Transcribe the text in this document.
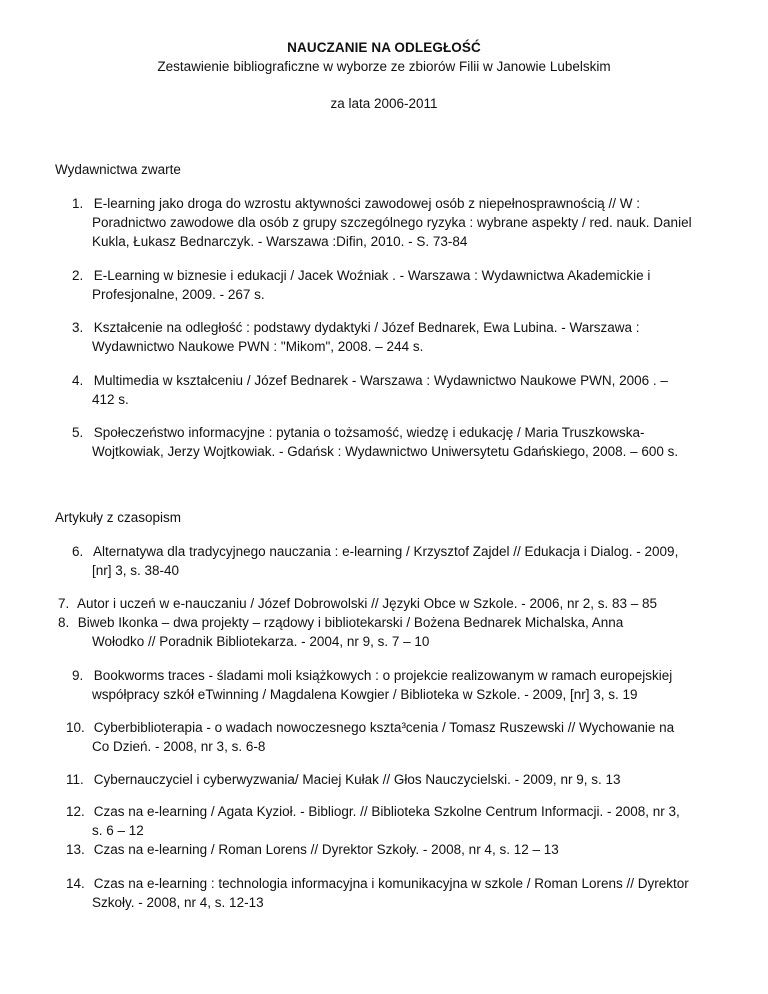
NAUCZANIE NA ODLEGŁOŚĆ
Zestawienie bibliograficzne w wyborze ze zbiorów Filii w Janowie Lubelskim
za lata 2006-2011
Wydawnictwa zwarte
1. E-learning jako droga do wzrostu aktywności zawodowej osób z niepełnosprawnością // W :
Poradnictwo zawodowe dla osób z grupy szczególnego ryzyka : wybrane aspekty / red. nauk. Daniel
Kukla, Łukasz Bednarczyk. - Warszawa :Difin, 2010. - S. 73-84
2. E-Learning w biznesie i edukacji / Jacek Woźniak . - Warszawa : Wydawnictwa Akademickie i
Profesjonalne, 2009. - 267 s.
3. Kształcenie na odległość : podstawy dydaktyki / Józef Bednarek, Ewa Lubina. - Warszawa :
Wydawnictwo Naukowe PWN : "Mikom", 2008. – 244 s.
4. Multimedia w kształceniu / Józef Bednarek - Warszawa : Wydawnictwo Naukowe PWN, 2006 . –
412 s.
5. Społeczeństwo informacyjne : pytania o tożsamość, wiedzę i edukację / Maria Truszkowska-
Wojtkowiak, Jerzy Wojtkowiak. - Gdańsk : Wydawnictwo Uniwersytetu Gdańskiego, 2008. – 600 s.
Artykuły z czasopism
6. Alternatywa dla tradycyjnego nauczania : e-learning / Krzysztof Zajdel // Edukacja i Dialog. - 2009,
[nr] 3, s. 38-40
7. Autor i uczeń w e-nauczaniu / Józef Dobrowolski // Języki Obce w Szkole. - 2006, nr 2, s. 83 – 85
8. Biweb Ikonka – dwa projekty – rządowy i bibliotekarski / Bożena Bednarek Michalska, Anna
Wołodko // Poradnik Bibliotekarza. - 2004, nr 9, s. 7 – 10
9. Bookworms traces - śladami moli książkowych : o projekcie realizowanym w ramach europejskiej
współpracy szkół eTwinning / Magdalena Kowgier / Biblioteka w Szkole. - 2009, [nr] 3, s. 19
10. Cyberbiblioterapia - o wadach nowoczesnego kszta³cenia / Tomasz Ruszewski // Wychowanie na
Co Dzień. - 2008, nr 3, s. 6-8
11. Cybernauczyciel i cyberwyzwania/ Maciej Kułak // Głos Nauczycielski. - 2009, nr 9, s. 13
12. Czas na e-learning / Agata Kyzioł. - Bibliogr. // Biblioteka Szkolne Centrum Informacji. - 2008, nr 3,
s. 6 – 12
13. Czas na e-learning / Roman Lorens // Dyrektor Szkoły. - 2008, nr 4, s. 12 – 13
14. Czas na e-learning : technologia informacyjna i komunikacyjna w szkole / Roman Lorens // Dyrektor
Szkoły. - 2008, nr 4, s. 12-13
